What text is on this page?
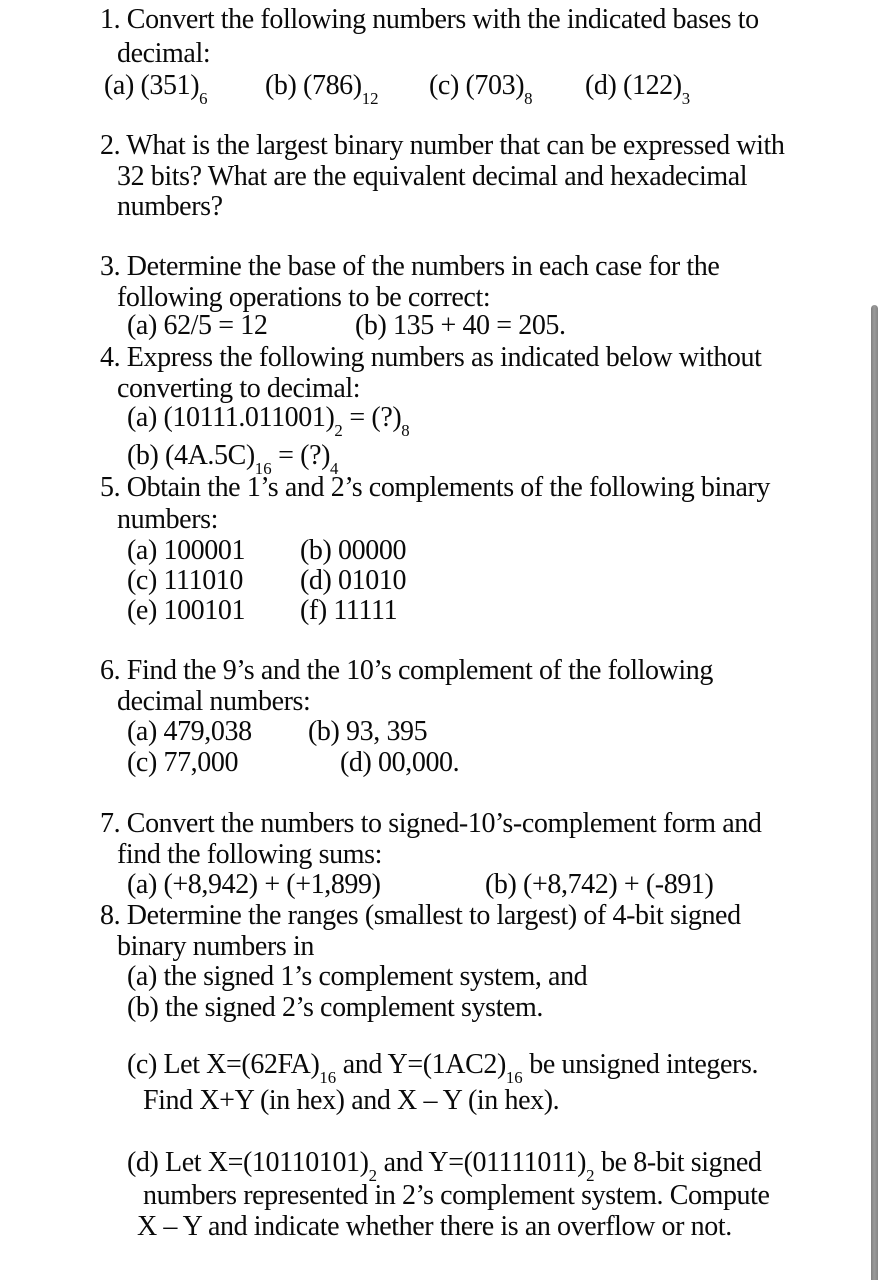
1. Convert the following numbers with the indicated bases to
decimal:
(a) $(351)_6$ (b) $(786)_{12}$ (c) $(703)_8$ (d) $(122)_3$
2. What is the largest binary number that can be expressed with
32 bits? What are the equivalent decimal and hexadecimal
numbers?
3. Determine the base of the numbers in each case for the
following operations to be correct:
(a) 62/5 = 12	(b) 135 + 40 = 205.
4. Express the following numbers as indicated below without
converting to decimal:
(a) $(10111.011001)_2$ = $(?)_8$
(b) $(4A.5C)_{16}$ = $(?)_4$
5. Obtain the 1’s and 2’s complements of the following binary
numbers:
(a) 100001 (b) 00000
(c) 111010 (d) 01010
(e) 100101 (f) 11111
6. Find the 9’s and the 10’s complement of the following
decimal numbers:
(a) 479,038 (b) 93, 395
(c) 77,000	(d) 00,000.
7. Convert the numbers to signed-10’s-complement form and
find the following sums:
(a) (+8,942) + (+1,899)	(b) (+8,742) + (-891)
8. Determine the ranges (smallest to largest) of 4-bit signed
binary numbers in
(a) the signed 1’s complement system, and
(b) the signed 2’s complement system.
(c) Let $X=(62FA)_{16}$ and $Y=(1AC2)_{16}$ be unsigned integers.
Find X+Y (in hex) and X – Y (in hex).
(d) Let $X=(10110101)_2$ and $Y=(01111011)_2$ be 8-bit signed
numbers represented in 2’s complement system. Compute
X – Y and indicate whether there is an overflow or not.
